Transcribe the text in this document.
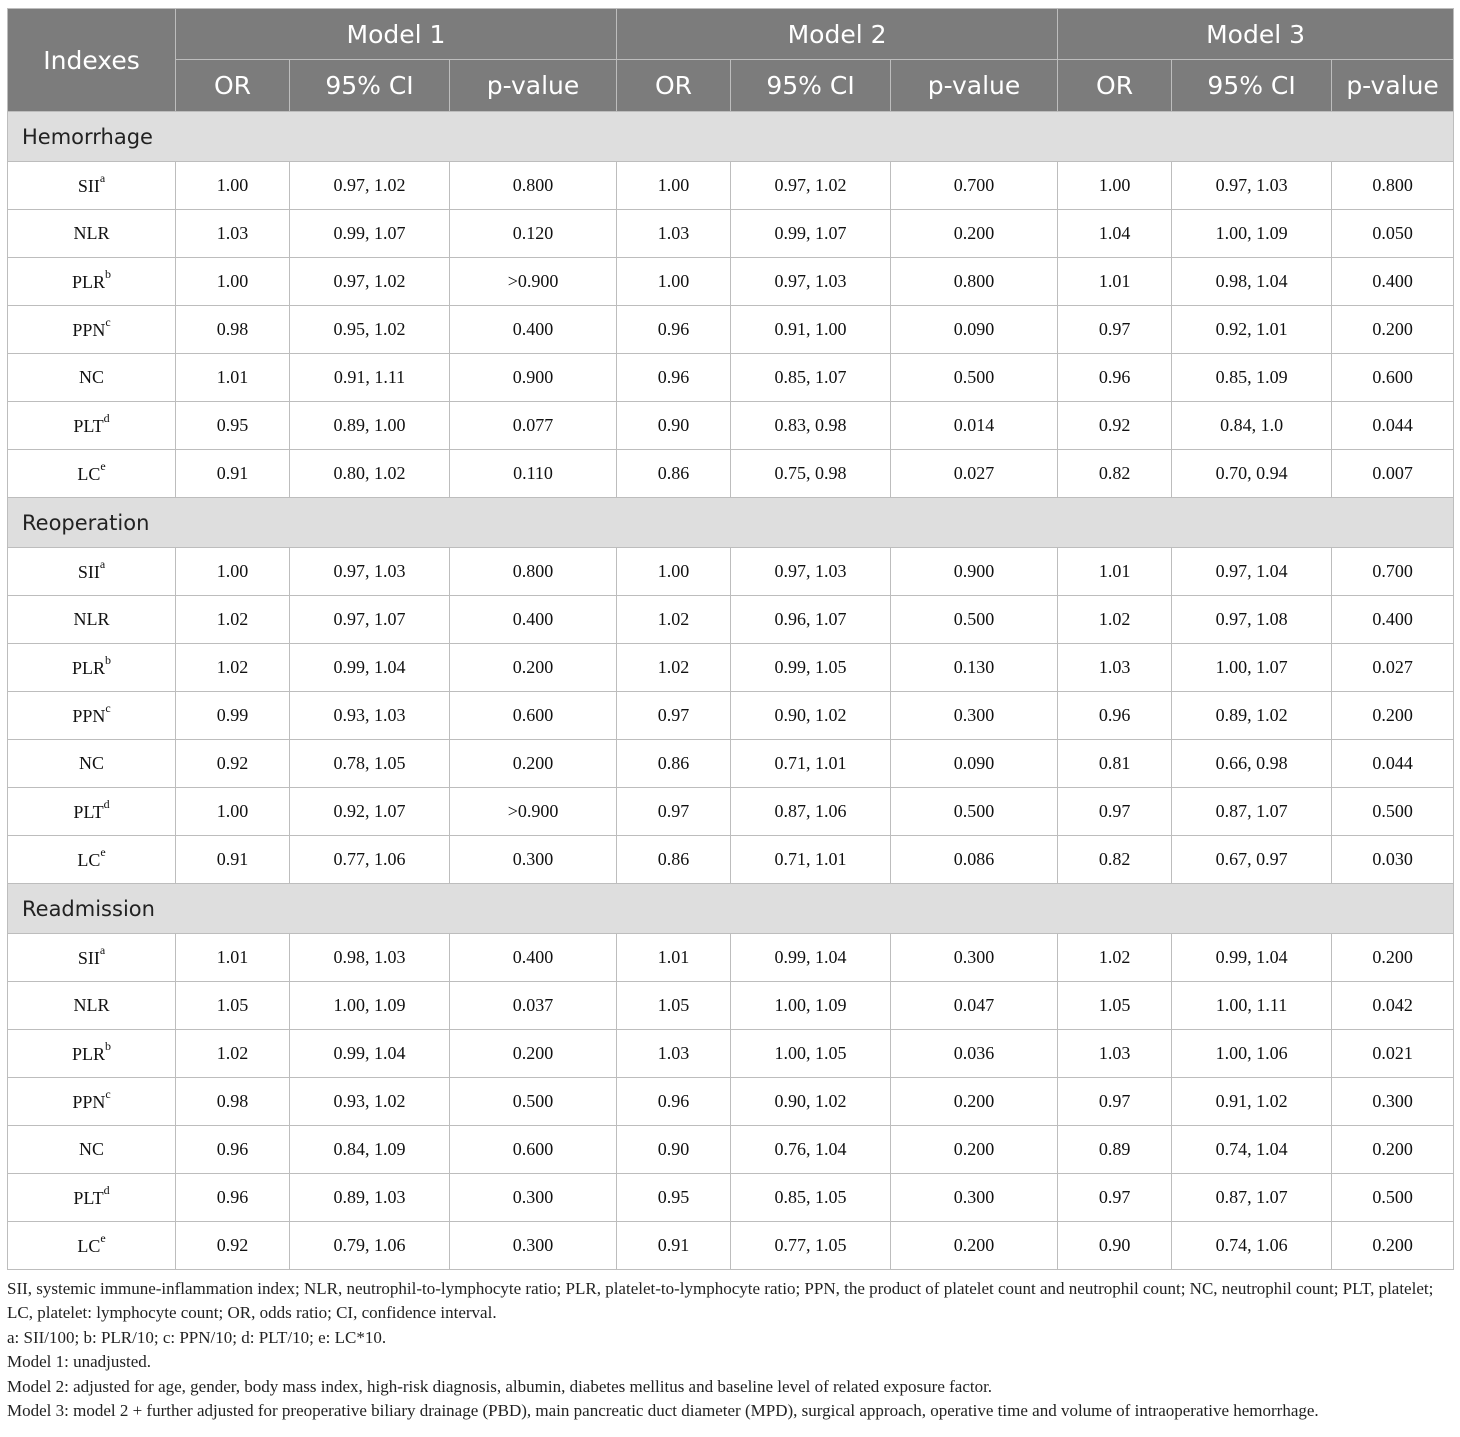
Indexes	Model 1			Model 2			Model 3		
	OR	95% CI	p-value	OR	95% CI	p-value	OR	95% CI	p-value
Hemorrhage									
SII$^a$	1.00	0.97, 1.02	0.800	1.00	0.97, 1.02	0.700	1.00	0.97, 1.03	0.800
NLR	1.03	0.99, 1.07	0.120	1.03	0.99, 1.07	0.200	1.04	1.00, 1.09	0.050
PLR$^b$	1.00	0.97, 1.02	>0.900	1.00	0.97, 1.03	0.800	1.01	0.98, 1.04	0.400
PPN$^c$	0.98	0.95, 1.02	0.400	0.96	0.91, 1.00	0.090	0.97	0.92, 1.01	0.200
NC	1.01	0.91, 1.11	0.900	0.96	0.85, 1.07	0.500	0.96	0.85, 1.09	0.600
PLT$^d$	0.95	0.89, 1.00	0.077	0.90	0.83, 0.98	0.014	0.92	0.84, 1.0	0.044
LCe	0.91	0.80, 1.02	0.110	0.86	0.75, 0.98	0.027	0.82	0.70, 0.94	0.007
Reoperation									
SII$^a$	1.00	0.97, 1.03	0.800	1.00	0.97, 1.03	0.900	1.01	0.97, 1.04	0.700
NLR	1.02	0.97, 1.07	0.400	1.02	0.96, 1.07	0.500	1.02	0.97, 1.08	0.400
PLR$^b$	1.02	0.99, 1.04	0.200	1.02	0.99, 1.05	0.130	1.03	1.00, 1.07	0.027
PPN$^c$	0.99	0.93, 1.03	0.600	0.97	0.90, 1.02	0.300	0.96	0.89, 1.02	0.200
NC	0.92	0.78, 1.05	0.200	0.86	0.71, 1.01	0.090	0.81	0.66, 0.98	0.044
PLT$^d$	1.00	0.92, 1.07	>0.900	0.97	0.87, 1.06	0.500	0.97	0.87, 1.07	0.500
LCe	0.91	0.77, 1.06	0.300	0.86	0.71, 1.01	0.086	0.82	0.67, 0.97	0.030
Readmission									
SII$^a$	1.01	0.98, 1.03	0.400	1.01	0.99, 1.04	0.300	1.02	0.99, 1.04	0.200
NLR	1.05	1.00, 1.09	0.037	1.05	1.00, 1.09	0.047	1.05	1.00, 1.11	0.042
PLR$^b$	1.02	0.99, 1.04	0.200	1.03	1.00, 1.05	0.036	1.03	1.00, 1.06	0.021
PPN$^c$	0.98	0.93, 1.02	0.500	0.96	0.90, 1.02	0.200	0.97	0.91, 1.02	0.300
NC	0.96	0.84, 1.09	0.600	0.90	0.76, 1.04	0.200	0.89	0.74, 1.04	0.200
PLT$^d$	0.96	0.89, 1.03	0.300	0.95	0.85, 1.05	0.300	0.97	0.87, 1.07	0.500
LCe	0.92	0.79, 1.06	0.300	0.91	0.77, 1.05	0.200	0.90	0.74, 1.06	0.200
SII, systemic immune-inflammation index; NLR, neutrophil-to-lymphocyte ratio; PLR, platelet-to-lymphocyte ratio; PPN, the product of platelet count and neutrophil count; NC, neutrophil count; PLT, platelet; LC, platelet: lymphocyte count; OR, odds ratio; CI, confidence interval.
a: SII/100; b: PLR/10; c: PPN/10; d: PLT/10; e: LC*10.
Model 1: unadjusted.
Model 2: adjusted for age, gender, body mass index, high-risk diagnosis, albumin, diabetes mellitus and baseline level of related exposure factor.
Model 3: model 2 + further adjusted for preoperative biliary drainage (PBD), main pancreatic duct diameter (MPD), surgical approach, operative time and volume of intraoperative hemorrhage.
